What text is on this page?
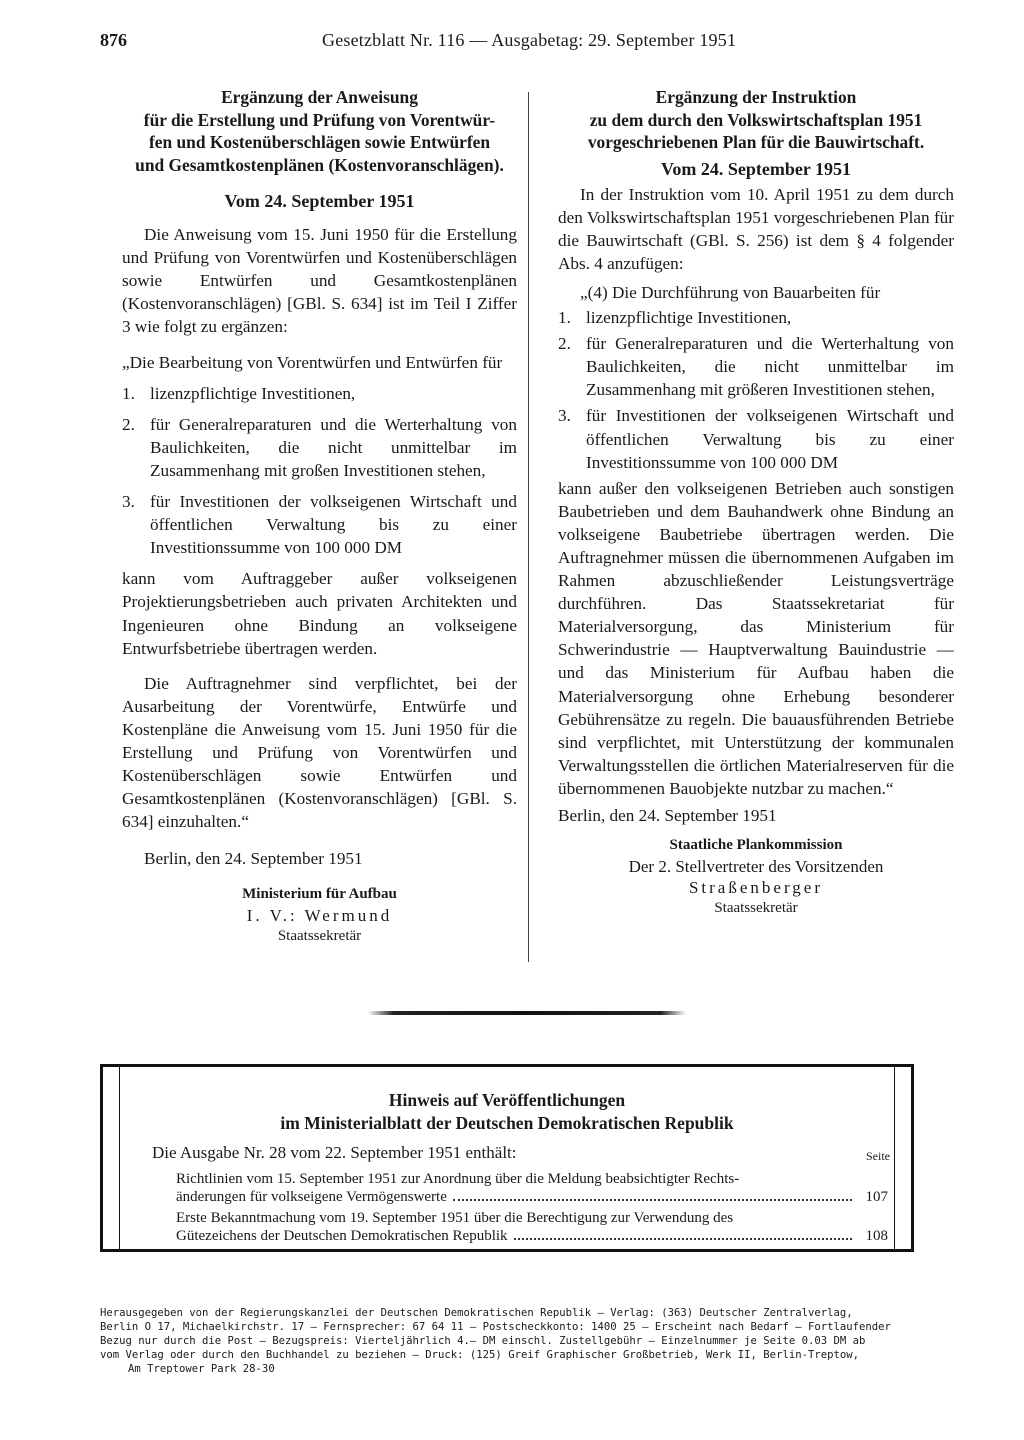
876	Gesetzblatt Nr. 116 — Ausgabetag: 29. September 1951

Ergänzung der Anweisung

für die Erstellung und Prüfung von Vorentwür-

fen und Kostenüberschlägen sowie Entwürfen

und Gesamtkostenplänen (Kostenvoranschlägen).

Vom 24. September 1951

Die Anweisung vom 15. Juni 1950 für die Erstellung und Prüfung von Vorentwürfen und Kostenüberschlägen sowie Entwürfen und Gesamtkostenplänen (Kostenvoranschlägen) [GBl. S. 634] ist im Teil I Ziffer 3 wie folgt zu ergänzen:

„Die Bearbeitung von Vorentwürfen und Entwürfen für

1. lizenzpflichtige Investitionen,
2. für Generalreparaturen und die Werterhaltung von Baulichkeiten, die nicht unmittelbar im Zusammenhang mit großen Investitionen stehen,
3. für Investitionen der volkseigenen Wirtschaft und öffentlichen Verwaltung bis zu einer Investitionssumme von 100 000 DM

kann vom Auftraggeber außer volkseigenen Projektierungsbetrieben auch privaten Architekten und Ingenieuren ohne Bindung an volkseigene Entwurfsbetriebe übertragen werden.

Die Auftragnehmer sind verpflichtet, bei der Ausarbeitung der Vorentwürfe, Entwürfe und Kostenpläne die Anweisung vom 15. Juni 1950 für die Erstellung und Prüfung von Vorentwürfen und Kostenüberschlägen sowie Entwürfen und Gesamtkostenplänen (Kostenvoranschlägen) [GBl. S. 634] einzuhalten.“

Berlin, den 24. September 1951

Ministerium für Aufbau
I. V.: Wermund
Staatssekretär

Ergänzung der Instruktion

zu dem durch den Volkswirtschaftsplan 1951

vorgeschriebenen Plan für die Bauwirtschaft.

Vom 24. September 1951

In der Instruktion vom 10. April 1951 zu dem durch den Volkswirtschaftsplan 1951 vorgeschriebenen Plan für die Bauwirtschaft (GBl. S. 256) ist dem § 4 folgender Abs. 4 anzufügen:

„(4) Die Durchführung von Bauarbeiten für

1. lizenzpflichtige Investitionen,
2. für Generalreparaturen und die Werterhaltung von Baulichkeiten, die nicht unmittelbar im Zusammenhang mit größeren Investitionen stehen,
3. für Investitionen der volkseigenen Wirtschaft und öffentlichen Verwaltung bis zu einer Investitionssumme von 100 000 DM

kann außer den volkseigenen Betrieben auch sonstigen Baubetrieben und dem Bauhandwerk ohne Bindung an volkseigene Baubetriebe übertragen werden. Die Auftragnehmer müssen die übernommenen Aufgaben im Rahmen abzuschließender Leistungsverträge durchführen. Das Staatssekretariat für Materialversorgung, das Ministerium für Schwerindustrie — Hauptverwaltung Bauindustrie — und das Ministerium für Aufbau haben die Materialversorgung ohne Erhebung besonderer Gebührensätze zu regeln. Die bauausführenden Betriebe sind verpflichtet, mit Unterstützung der kommunalen Verwaltungsstellen die örtlichen Materialreserven für die übernommenen Bauobjekte nutzbar zu machen.“

Berlin, den 24. September 1951

Staatliche Plankommission
Der 2. Stellvertreter des Vorsitzenden
Straßenberger
Staatssekretär
Hinweis auf Veröffentlichungen
im Ministerialblatt der Deutschen Demokratischen Republik
Die Ausgabe Nr. 28 vom 22. September 1951 enthält:	Seite
Richtlinien vom 15. September 1951 zur Anordnung über die Meldung beabsichtigter Rechts-
änderungen für volkseigene Vermögenswerte	107
Erste Bekanntmachung vom 19. September 1951 über die Berechtigung zur Verwendung des
Gütezeichens der Deutschen Demokratischen Republik	108
Herausgegeben von der Regierungskanzlei der Deutschen Demokratischen Republik — Verlag: (363) Deutscher Zentralverlag,
Berlin O 17, Michaelkirchstr. 17 — Fernsprecher: 67 64 11 — Postscheckkonto: 1400 25 — Erscheint nach Bedarf — Fortlaufender
Bezug nur durch die Post — Bezugspreis: Vierteljährlich 4.— DM einschl. Zustellgebühr — Einzelnummer je Seite 0.03 DM ab
vom Verlag oder durch den Buchhandel zu beziehen — Druck: (125) Greif Graphischer Großbetrieb, Werk II, Berlin-Treptow,
Am Treptower Park 28-30
